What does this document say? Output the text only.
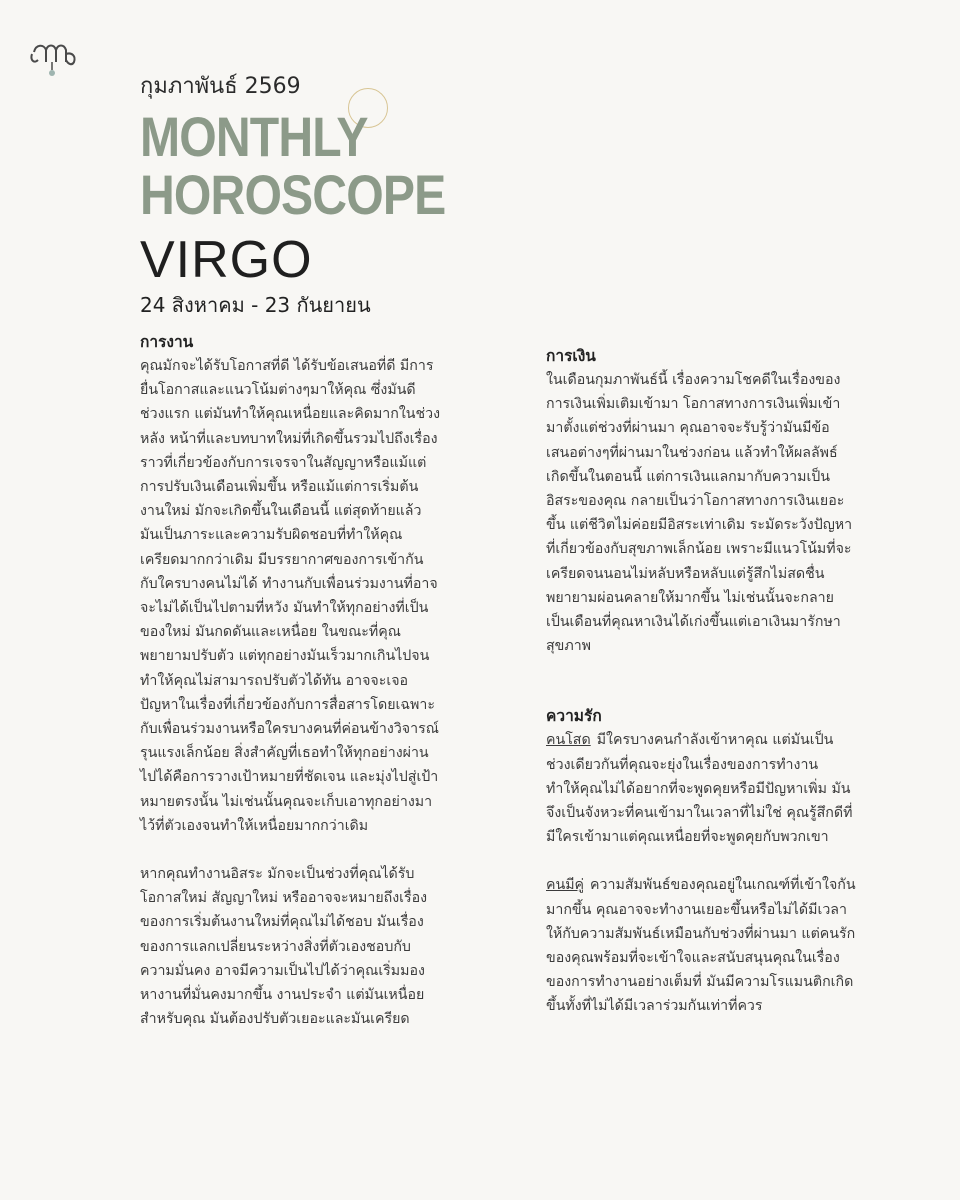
กุมภาพันธ์ 2569

MONTHLY

HOROSCOPE

VIRGO

24 สิงหาคม - 23 กันยายน

การงาน

คุณมักจะได้รับโอกาสที่ดี ได้รับข้อเสนอที่ดี มีการยื่นโอกาสและแนวโน้มต่างๆมาให้คุณ ซึ่งมันดีช่วงแรก แต่มันทำให้คุณเหนื่อยและคิดมากในช่วงหลัง หน้าที่และบทบาทใหม่ที่เกิดขึ้นรวมไปถึงเรื่องราวที่เกี่ยวข้องกับการเจรจาในสัญญาหรือแม้แต่การปรับเงินเดือนเพิ่มขึ้น หรือแม้แต่การเริ่มต้นงานใหม่ มักจะเกิดขึ้นในเดือนนี้ แต่สุดท้ายแล้วมันเป็นภาระและความรับผิดชอบที่ทำให้คุณเครียดมากกว่าเดิม มีบรรยากาศของการเข้ากันกับใครบางคนไม่ได้ ทำงานกับเพื่อนร่วมงานที่อาจจะไม่ได้เป็นไปตามที่หวัง มันทำให้ทุกอย่างที่เป็นของใหม่ มันกดดันและเหนื่อย ในขณะที่คุณพยายามปรับตัว แต่ทุกอย่างมันเร็วมากเกินไปจนทำให้คุณไม่สามารถปรับตัวได้ทัน อาจจะเจอปัญหาในเรื่องที่เกี่ยวข้องกับการสื่อสารโดยเฉพาะกับเพื่อนร่วมงานหรือใครบางคนที่ค่อนข้างวิจารณ์รุนแรงเล็กน้อย สิ่งสำคัญที่เธอทำให้ทุกอย่างผ่านไปได้คือการวางเป้าหมายที่ชัดเจน และมุ่งไปสู่เป้าหมายตรงนั้น ไม่เช่นนั้นคุณจะเก็บเอาทุกอย่างมาไว้ที่ตัวเองจนทำให้เหนื่อยมากกว่าเดิม

หากคุณทำงานอิสระ มักจะเป็นช่วงที่คุณได้รับโอกาสใหม่ สัญญาใหม่ หรืออาจจะหมายถึงเรื่องของการเริ่มต้นงานใหม่ที่คุณไม่ได้ชอบ มันเรื่องของการแลกเปลี่ยนระหว่างสิ่งที่ตัวเองชอบกับความมั่นคง อาจมีความเป็นไปได้ว่าคุณเริ่มมองหางานที่มั่นคงมากขึ้น งานประจำ แต่มันเหนื่อยสำหรับคุณ มันต้องปรับตัวเยอะและมันเครียด

การเงิน

ในเดือนกุมภาพันธ์นี้ เรื่องความโชคดีในเรื่องของการเงินเพิ่มเติมเข้ามา โอกาสทางการเงินเพิ่มเข้ามาตั้งแต่ช่วงที่ผ่านมา คุณอาจจะรับรู้ว่ามันมีข้อเสนอต่างๆที่ผ่านมาในช่วงก่อน แล้วทำให้ผลลัพธ์เกิดขึ้นในตอนนี้ แต่การเงินแลกมากับความเป็นอิสระของคุณ กลายเป็นว่าโอกาสทางการเงินเยอะขึ้น แต่ชีวิตไม่ค่อยมีอิสระเท่าเดิม ระมัดระวังปัญหาที่เกี่ยวข้องกับสุขภาพเล็กน้อย เพราะมีแนวโน้มที่จะเครียดจนนอนไม่หลับหรือหลับแต่รู้สึกไม่สดชื่น พยายามผ่อนคลายให้มากขึ้น ไม่เช่นนั้นจะกลายเป็นเดือนที่คุณหาเงินได้เก่งขึ้นแต่เอาเงินมารักษาสุขภาพ

ความรัก

คนโสด มีใครบางคนกำลังเข้าหาคุณ แต่มันเป็นช่วงเดียวกันที่คุณจะยุ่งในเรื่องของการทำงาน ทำให้คุณไม่ได้อยากที่จะพูดคุยหรือมีปัญหาเพิ่ม มันจึงเป็นจังหวะที่คนเข้ามาในเวลาที่ไม่ใช่ คุณรู้สึกดีที่มีใครเข้ามาแต่คุณเหนื่อยที่จะพูดคุยกับพวกเขา

คนมีคู่ ความสัมพันธ์ของคุณอยู่ในเกณฑ์ที่เข้าใจกันมากขึ้น คุณอาจจะทำงานเยอะขึ้นหรือไม่ได้มีเวลาให้กับความสัมพันธ์เหมือนกับช่วงที่ผ่านมา แต่คนรักของคุณพร้อมที่จะเข้าใจและสนับสนุนคุณในเรื่องของการทำงานอย่างเต็มที่ มันมีความโรแมนติกเกิดขึ้นทั้งที่ไม่ได้มีเวลาร่วมกันเท่าที่ควร
